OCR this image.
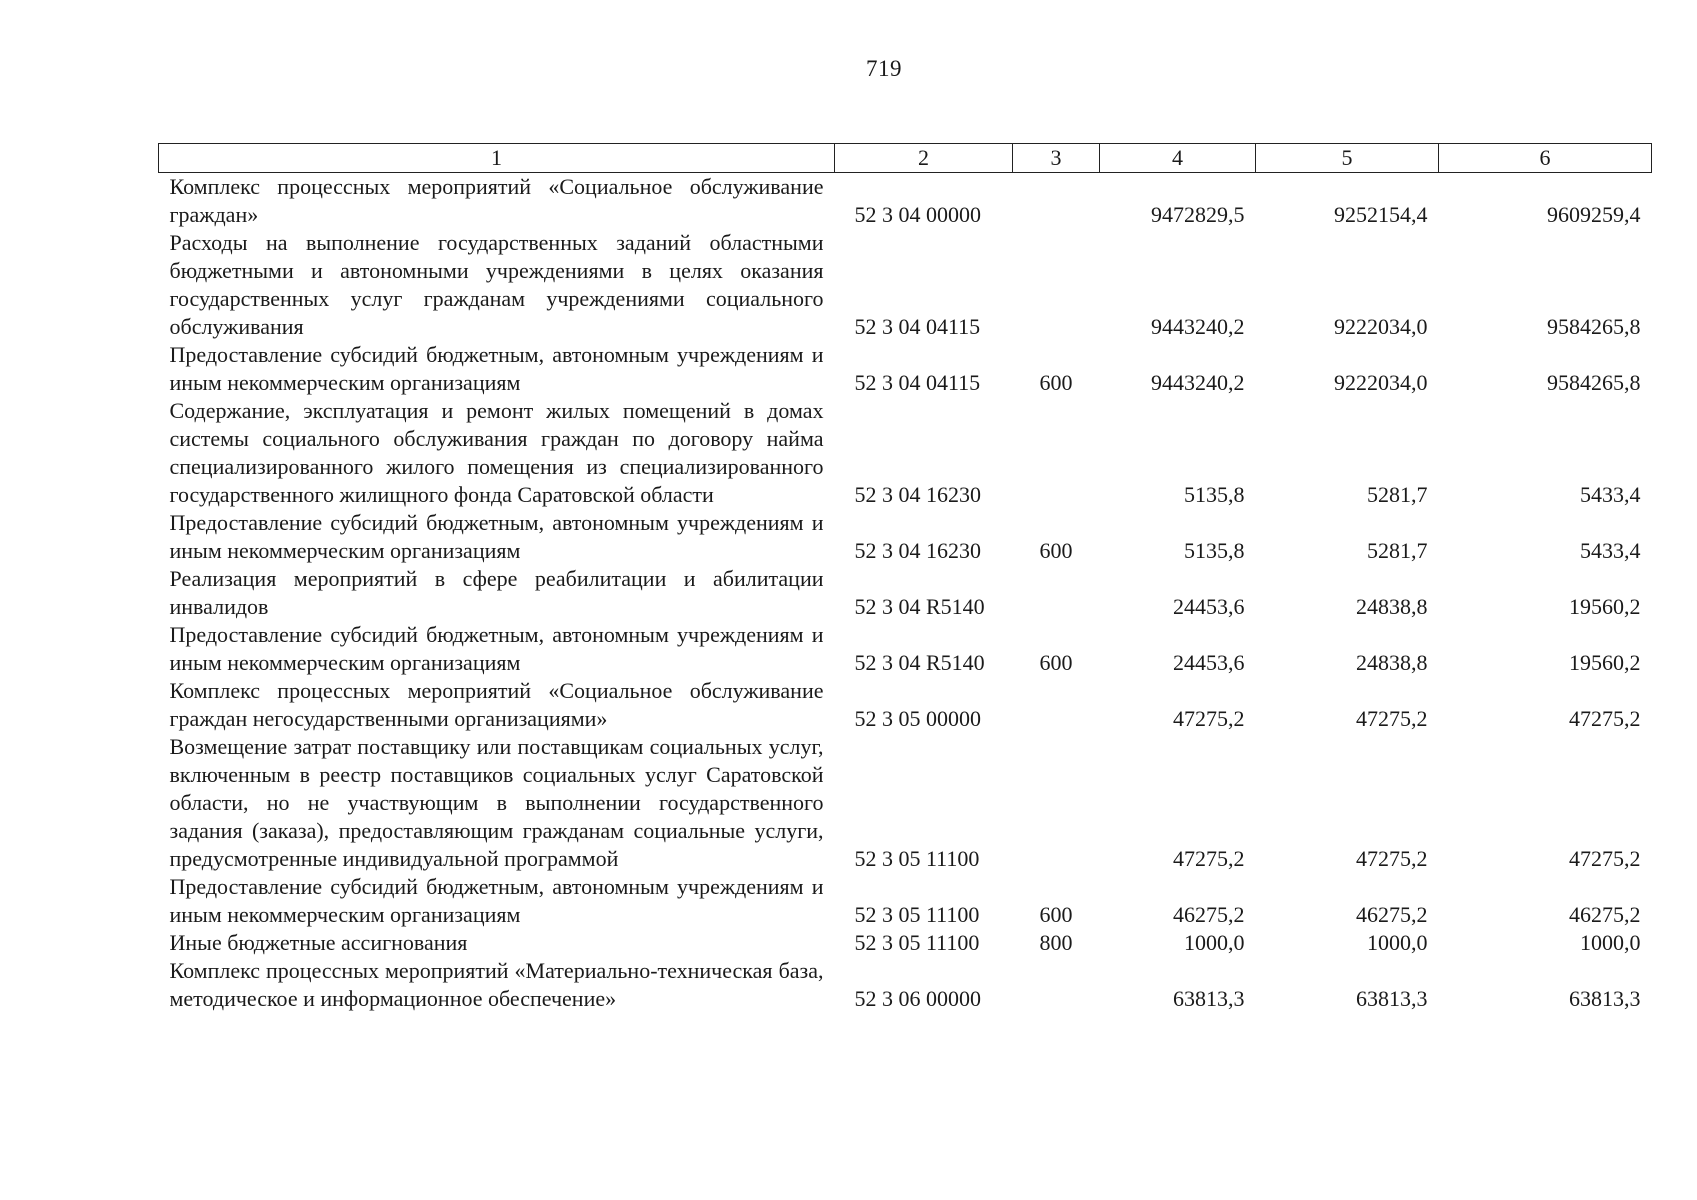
719
1	2	3	4	5	6
Комплекс процессных мероприятий «Социальное обслуживание граждан»	52 3 04 00000		9472829,5	9252154,4	9609259,4
Расходы на выполнение государственных заданий областными бюджетными и автономными учреждениями в целях оказания государственных услуг гражданам учреждениями социального обслуживания	52 3 04 04115		9443240,2	9222034,0	9584265,8
Предоставление субсидий бюджетным, автономным учреждениям и иным некоммерческим организациям	52 3 04 04115	600	9443240,2	9222034,0	9584265,8
Содержание, эксплуатация и ремонт жилых помещений в домах системы социального обслуживания граждан по договору найма специализированного жилого помещения из специализированного государственного жилищного фонда Саратовской области	52 3 04 16230		5135,8	5281,7	5433,4
Предоставление субсидий бюджетным, автономным учреждениям и иным некоммерческим организациям	52 3 04 16230	600	5135,8	5281,7	5433,4
Реализация мероприятий в сфере реабилитации и абилитации инвалидов	52 3 04 R5140		24453,6	24838,8	19560,2
Предоставление субсидий бюджетным, автономным учреждениям и иным некоммерческим организациям	52 3 04 R5140	600	24453,6	24838,8	19560,2
Комплекс процессных мероприятий «Социальное обслуживание граждан негосударственными организациями»	52 3 05 00000		47275,2	47275,2	47275,2
Возмещение затрат поставщику или поставщикам социальных услуг, включенным в реестр поставщиков социальных услуг Саратовской области, но не участвующим в выполнении государственного задания (заказа), предоставляющим гражданам социальные услуги, предусмотренные индивидуальной программой	52 3 05 11100		47275,2	47275,2	47275,2
Предоставление субсидий бюджетным, автономным учреждениям и иным некоммерческим организациям	52 3 05 11100	600	46275,2	46275,2	46275,2
Иные бюджетные ассигнования	52 3 05 11100	800	1000,0	1000,0	1000,0
Комплекс процессных мероприятий «Материально-техническая база, методическое и информационное обеспечение»	52 3 06 00000		63813,3	63813,3	63813,3
